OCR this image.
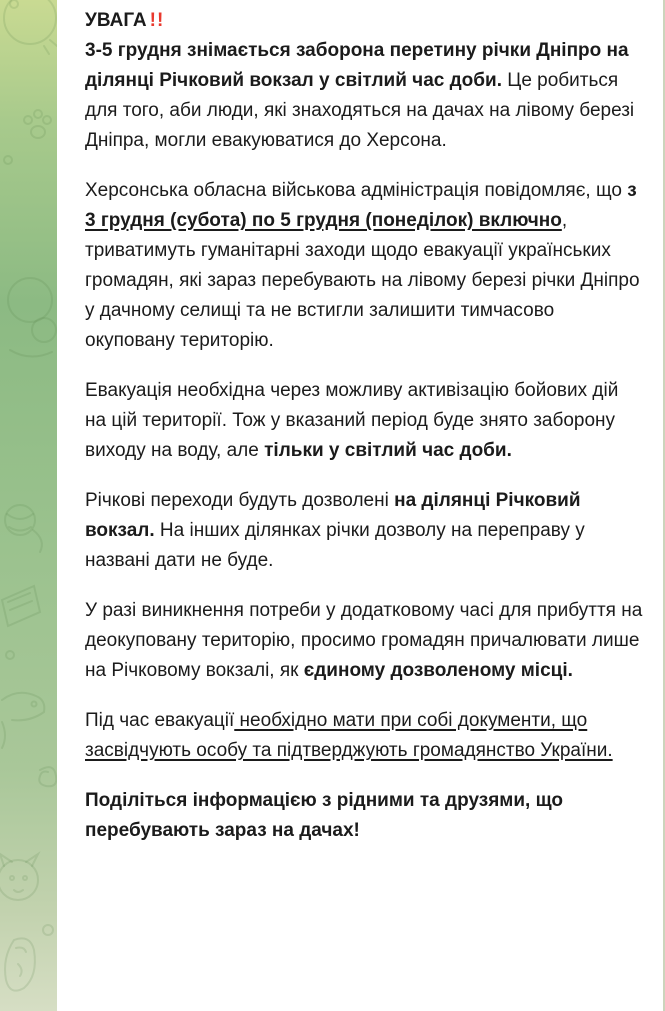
УВАГА !!
3-5 грудня знімається заборона перетину річки Дніпро на ділянці Річковий вокзал у світлий час доби. Це робиться для того, аби люди, які знаходяться на дачах на лівому березі Дніпра, могли евакуюватися до Херсона.

Херсонська обласна військова адміністрація повідомляє, що з 3 грудня (субота) по 5 грудня (понеділок) включно, триватимуть гуманітарні заходи щодо евакуації українських громадян, які зараз перебувають на лівому березі річки Дніпро у дачному селищі та не встигли залишити тимчасово окуповану територію.

Евакуація необхідна через можливу активізацію бойових дій на цій території. Тож у вказаний період буде знято заборону виходу на воду, але тільки у світлий час доби.

Річкові переходи будуть дозволені на ділянці Річковий вокзал. На інших ділянках річки дозволу на переправу у названі дати не буде.

У разі виникнення потреби у додатковому часі для прибуття на деокуповану територію, просимо громадян причалювати лише на Річковому вокзалі, як єдиному дозволеному місці.

Під час евакуації необхідно мати при собі документи, що засвідчують особу та підтверджують громадянство України.

Поділіться інформацією з рідними та друзями, що перебувають зараз на дачах!
